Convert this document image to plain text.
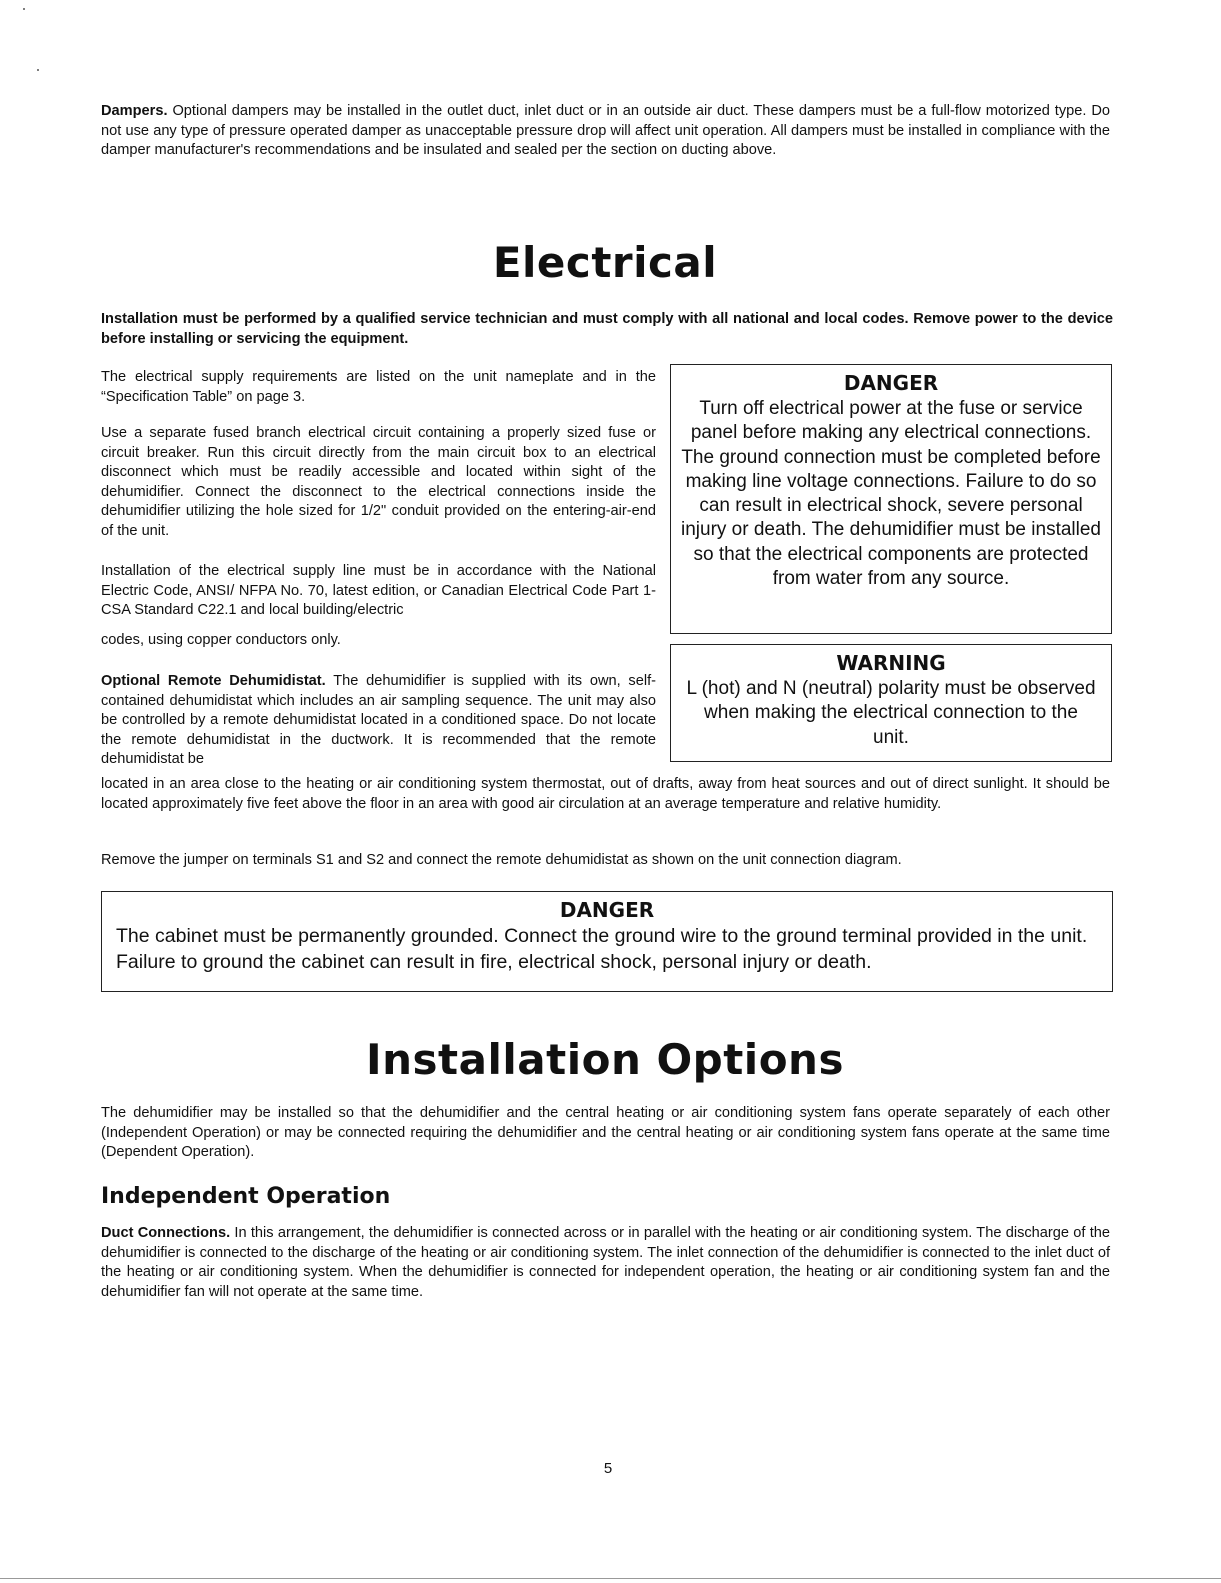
Dampers. Optional dampers may be installed in the outlet duct, inlet duct or in an outside air duct. These dampers must be a full-flow motorized type. Do not use any type of pressure operated damper as unacceptable pressure drop will affect unit operation. All dampers must be installed in compliance with the damper manufacturer's recommendations and be insulated and sealed per the section on ducting above.

Electrical

Installation must be performed by a qualified service technician and must comply with all national and local codes. Remove power to the device before installing or servicing the equipment.

The electrical supply requirements are listed on the unit nameplate and in the “Specification Table” on page 3.

Use a separate fused branch electrical circuit containing a properly sized fuse or circuit breaker. Run this circuit directly from the main circuit box to an electrical disconnect which must be readily accessible and located within sight of the dehumidifier. Connect the disconnect to the electrical connections inside the dehumidifier utilizing the hole sized for 1/2" conduit provided on the entering-air-end of the unit.

Installation of the electrical supply line must be in accordance with the National Electric Code, ANSI/ NFPA No. 70, latest edition, or Canadian Electrical Code Part 1-CSA Standard C22.1 and local building/electric

codes, using copper conductors only.

Optional Remote Dehumidistat. The dehumidifier is supplied with its own, self-contained dehumidistat which includes an air sampling sequence. The unit may also be controlled by a remote dehumidistat located in a conditioned space. Do not locate the remote dehumidistat in the ductwork. It is recommended that the remote dehumidistat be

located in an area close to the heating or air conditioning system thermostat, out of drafts, away from heat sources and out of direct sunlight. It should be located approximately five feet above the floor in an area with good air circulation at an average temperature and relative humidity.

Remove the jumper on terminals S1 and S2 and connect the remote dehumidistat as shown on the unit connection diagram.

DANGER

Turn off electrical power at the fuse or service panel before making any electrical connections. The ground connection must be completed before making line voltage connections. Failure to do so can result in electrical shock, severe personal injury or death. The dehumidifier must be installed so that the electrical components are protected from water from any source.

WARNING

L (hot) and N (neutral) polarity must be observed when making the electrical connection to the unit.

DANGER

The cabinet must be permanently grounded. Connect the ground wire to the ground terminal provided in the unit. Failure to ground the cabinet can result in fire, electrical shock, personal injury or death.

Installation Options

The dehumidifier may be installed so that the dehumidifier and the central heating or air conditioning system fans operate separately of each other (Independent Operation) or may be connected requiring the dehumidifier and the central heating or air conditioning system fans operate at the same time (Dependent Operation).

Independent Operation

Duct Connections. In this arrangement, the dehumidifier is connected across or in parallel with the heating or air conditioning system. The discharge of the dehumidifier is connected to the discharge of the heating or air conditioning system. The inlet connection of the dehumidifier is connected to the inlet duct of the heating or air conditioning system. When the dehumidifier is connected for independent operation, the heating or air conditioning system fan and the dehumidifier fan will not operate at the same time.

5
